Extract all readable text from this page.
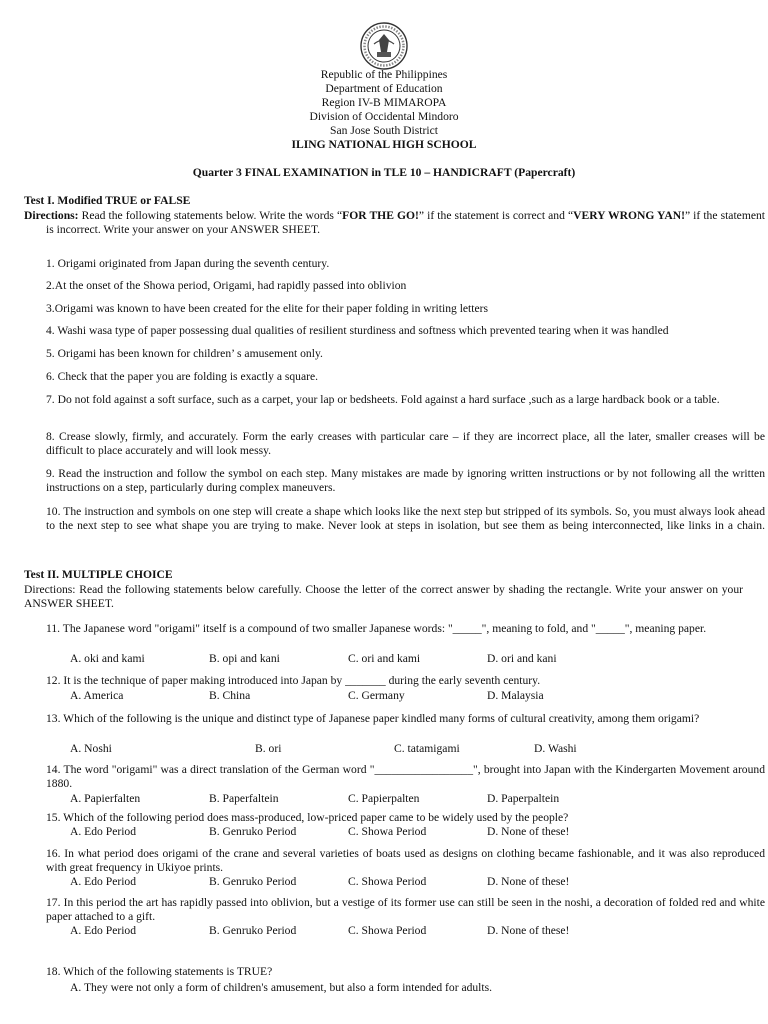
Republic of the Philippines
Department of Education
Region IV-B MIMAROPA
Division of Occidental Mindoro
San Jose South District
ILING NATIONAL HIGH SCHOOL
Quarter 3 FINAL EXAMINATION in TLE 10 – HANDICRAFT (Papercraft)
Test I. Modified TRUE or FALSE
Directions: Read the following statements below. Write the words “FOR THE GO!” if the statement is correct and “VERY WRONG YAN!” if the statement is incorrect. Write your answer on your ANSWER SHEET.
1. Origami originated from Japan during the seventh century.
2.At the onset of the Showa period, Origami, had rapidly passed into oblivion
3.Origami was known to have been created for the elite for their paper folding in writing letters
4. Washi wasa type of paper possessing dual qualities of resilient sturdiness and softness which prevented tearing when it was handled
5. Origami has been known for children’ s amusement only.
6. Check that the paper you are folding is exactly a square.
7. Do not fold against a soft surface, such as a carpet, your lap or bedsheets. Fold against a hard surface ,such as a large hardback book or a table.
8. Crease slowly, firmly, and accurately. Form the early creases with particular care – if they are incorrect place, all the later, smaller creases will be difficult to place accurately and will look messy.
9. Read the instruction and follow the symbol on each step. Many mistakes are made by ignoring written instructions or by not following all the written instructions on a step, particularly during complex maneuvers.
10. The instruction and symbols on one step will create a shape which looks like the next step but stripped of its symbols. So, you must always look ahead to the next step to see what shape you are trying to make. Never look at steps in isolation, but see them as being interconnected, like links in a chain.
Test II. MULTIPLE CHOICE
Directions: Read the following statements below carefully. Choose the letter of the correct answer by shading the rectangle. Write your answer on your ANSWER SHEET.
11. The Japanese word "origami" itself is a compound of two smaller Japanese words: "_____", meaning to fold, and "_____", meaning paper.
A. oki and kami	B. opi and kani	C. ori and kami	D. ori and kani
12. It is the technique of paper making introduced into Japan by _______ during the early seventh century.
A. America	B. China	C. Germany	D. Malaysia
13. Which of the following is the unique and distinct type of Japanese paper kindled many forms of cultural creativity, among them origami?
A. Noshi	B. ori	C. tatamigami	D. Washi
14. The word "origami" was a direct translation of the German word "_________________", brought into Japan with the Kindergarten Movement around 1880.
A. Papierfalten	B. Paperfaltein	C. Papierpalten	D. Paperpaltein
15. Which of the following period does mass-produced, low-priced paper came to be widely used by the people?
A. Edo Period	B. Genruko Period	C. Showa Period	D. None of these!
16. In what period does origami of the crane and several varieties of boats used as designs on clothing became fashionable, and it was also reproduced with great frequency in Ukiyoe prints.
A. Edo Period	B. Genruko Period	C. Showa Period	D. None of these!
17. In this period the art has rapidly passed into oblivion, but a vestige of its former use can still be seen in the noshi, a decoration of folded red and white paper attached to a gift.
A. Edo Period	B. Genruko Period	C. Showa Period	D. None of these!
18. Which of the following statements is TRUE?
A. They were not only a form of children's amusement, but also a form intended for adults.
